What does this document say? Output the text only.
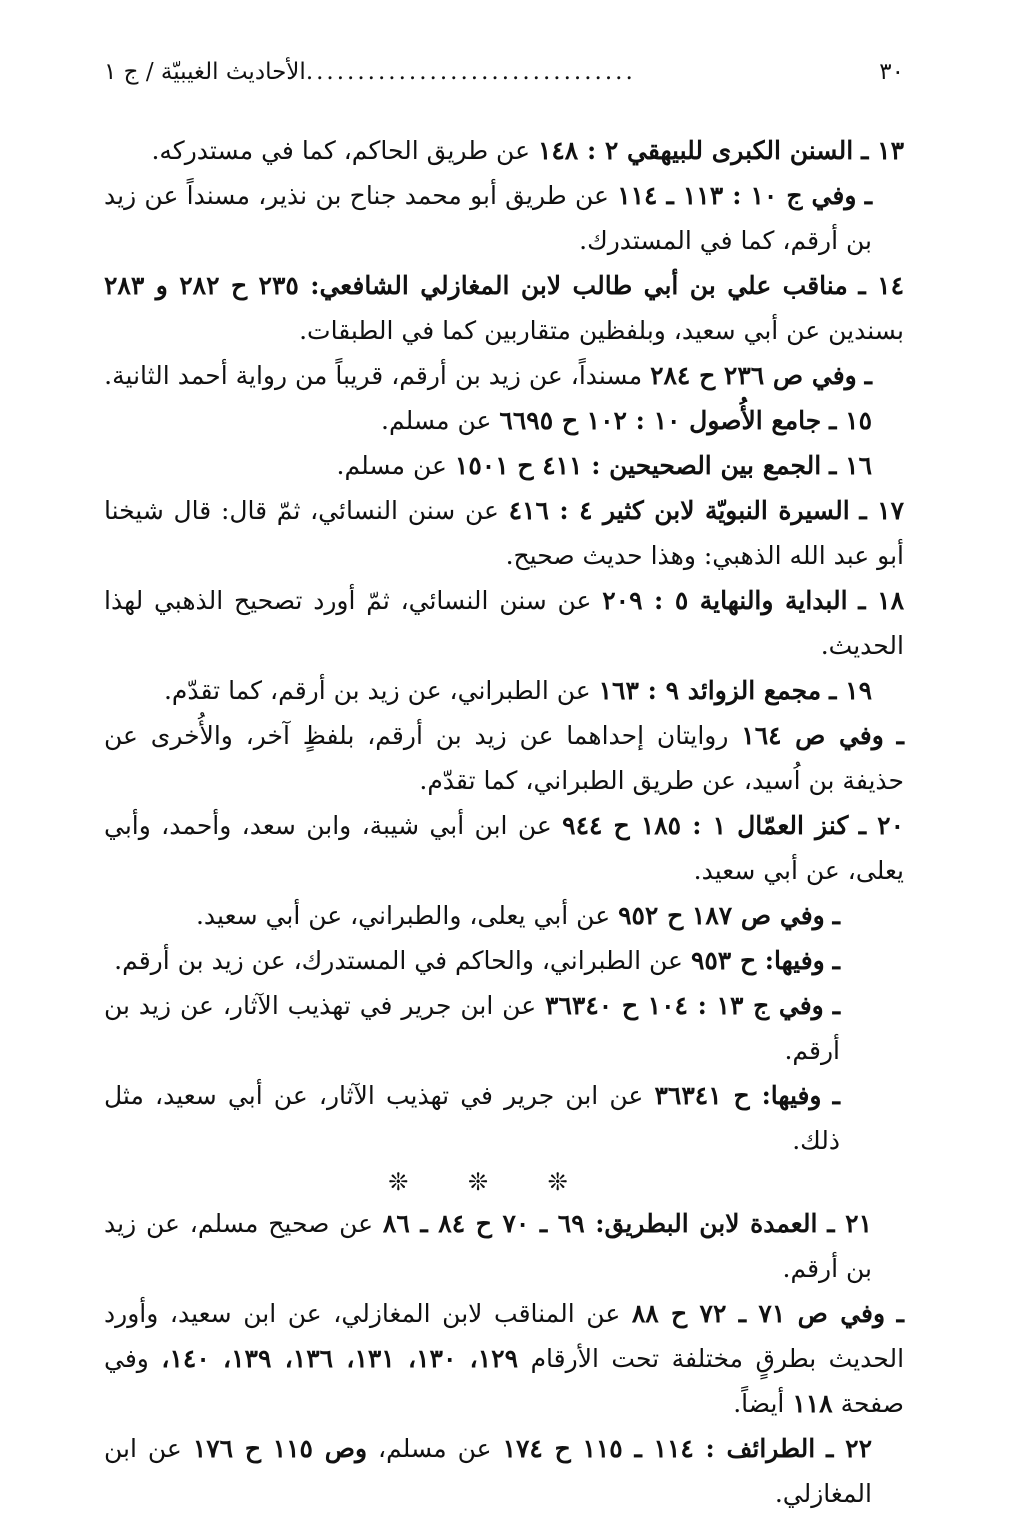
٣٠
................................
الأحاديث الغيبيّة / ج ١
١٣ ـ السنن الكبرى للبيهقي ٢ : ١٤٨ عن طريق الحاكم، كما في مستدركه.
ـ وفي ج ١٠ : ١١٣ ـ ١١٤ عن طريق أبو محمد جناح بن نذير، مسنداً عن زيد بن أرقم، كما في المستدرك.
١٤ ـ مناقب علي بن أبي طالب لابن المغازلي الشافعي: ٢٣٥ ح ٢٨٢ و ٢٨٣ بسندين عن أبي سعيد، وبلفظين متقاربين كما في الطبقات.
ـ وفي ص ٢٣٦ ح ٢٨٤ مسنداً، عن زيد بن أرقم، قريباً من رواية أحمد الثانية.
١٥ ـ جامع الأُصول ١٠ : ١٠٢ ح ٦٦٩٥ عن مسلم.
١٦ ـ الجمع بين الصحيحين : ٤١١ ح ١٥٠١ عن مسلم.
١٧ ـ السيرة النبويّة لابن كثير ٤ : ٤١٦ عن سنن النسائي، ثمّ قال: قال شيخنا أبو عبد الله الذهبي: وهذا حديث صحيح.
١٨ ـ البداية والنهاية ٥ : ٢٠٩ عن سنن النسائي، ثمّ أورد تصحيح الذهبي لهذا الحديث.
١٩ ـ مجمع الزوائد ٩ : ١٦٣ عن الطبراني، عن زيد بن أرقم، كما تقدّم.
ـ وفي ص ١٦٤ روايتان إحداهما عن زيد بن أرقم، بلفظٍ آخر، والأُخرى عن حذيفة بن اُسيد، عن طريق الطبراني، كما تقدّم.
٢٠ ـ كنز العمّال ١ : ١٨٥ ح ٩٤٤ عن ابن أبي شيبة، وابن سعد، وأحمد، وأبي يعلى، عن أبي سعيد.
ـ وفي ص ١٨٧ ح ٩٥٢ عن أبي يعلى، والطبراني، عن أبي سعيد.
ـ وفيها: ح ٩٥٣ عن الطبراني، والحاكم في المستدرك، عن زيد بن أرقم.
ـ وفي ج ١٣ : ١٠٤ ح ٣٦٣٤٠ عن ابن جرير في تهذيب الآثار، عن زيد بن أرقم.
ـ وفيها: ح ٣٦٣٤١ عن ابن جرير في تهذيب الآثار، عن أبي سعيد، مثل ذلك.
❊ ❊ ❊
٢١ ـ العمدة لابن البطريق: ٦٩ ـ ٧٠ ح ٨٤ ـ ٨٦ عن صحيح مسلم، عن زيد بن أرقم.
ـ وفي ص ٧١ ـ ٧٢ ح ٨٨ عن المناقب لابن المغازلي، عن ابن سعيد، وأورد الحديث بطرقٍ مختلفة تحت الأرقام ١٢٩، ١٣٠، ١٣١، ١٣٦، ١٣٩، ١٤٠، وفي صفحة ١١٨ أيضاً.
٢٢ ـ الطرائف : ١١٤ ـ ١١٥ ح ١٧٤ عن مسلم، وص ١١٥ ح ١٧٦ عن ابن المغازلي.
